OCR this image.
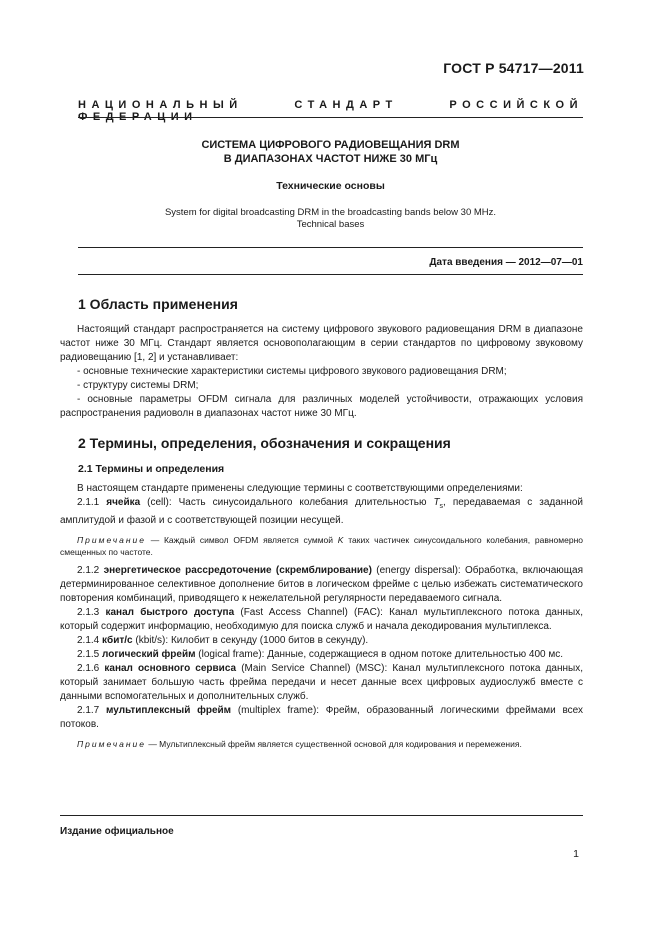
ГОСТ Р 54717—2011
НАЦИОНАЛЬНЫЙ СТАНДАРТ РОССИЙСКОЙ ФЕДЕРАЦИИ
СИСТЕМА ЦИФРОВОГО РАДИОВЕЩАНИЯ DRM
В ДИАПАЗОНАХ ЧАСТОТ НИЖЕ 30 МГц
Технические основы
System for digital broadcasting DRM in the broadcasting bands below 30 MHz.
Technical bases
Дата введения — 2012—07—01
1 Область применения

Настоящий стандарт распространяется на систему цифрового звукового радиовещания DRM в диапазоне частот ниже 30 МГц. Стандарт является основополагающим в серии стандартов по цифровому звуковому радиовещанию [1, 2] и устанавливает:

- основные технические характеристики системы цифрового звукового радиовещания DRM;

- структуру системы DRM;

- основные параметры OFDM сигнала для различных моделей устойчивости, отражающих условия распространения радиоволн в диапазонах частот ниже 30 МГц.

2 Термины, определения, обозначения и сокращения
2.1 Термины и определения

В настоящем стандарте применены следующие термины с соответствующими определениями:

2.1.1 ячейка (cell): Часть синусоидального колебания длительностью $T_s$, передаваемая с заданной амплитудой и фазой и с соответствующей позиции несущей.

Примечание — Каждый символ OFDM является суммой K таких частичек синусоидального колебания, равномерно смещенных по частоте.

2.1.2 энергетическое рассредоточение (скремблирование) (energy dispersal): Обработка, включающая детерминированное селективное дополнение битов в логическом фрейме с целью избежать систематического повторения комбинаций, приводящего к нежелательной регулярности передаваемого сигнала.

2.1.3 канал быстрого доступа (Fast Access Channel) (FAC): Канал мультиплексного потока данных, который содержит информацию, необходимую для поиска служб и начала декодирования мультиплекса.

2.1.4 кбит/с (kbit/s): Килобит в секунду (1000 битов в секунду).

2.1.5 логический фрейм (logical frame): Данные, содержащиеся в одном потоке длительностью 400 мс.

2.1.6 канал основного сервиса (Main Service Channel) (MSC): Канал мультиплексного потока данных, который занимает большую часть фрейма передачи и несет данные всех цифровых аудиослужб вместе с данными вспомогательных и дополнительных служб.

2.1.7 мультиплексный фрейм (multiplex frame): Фрейм, образованный логическими фреймами всех потоков.

Примечание — Мультиплексный фрейм является существенной основой для кодирования и перемежения.

Издание официальное
1
